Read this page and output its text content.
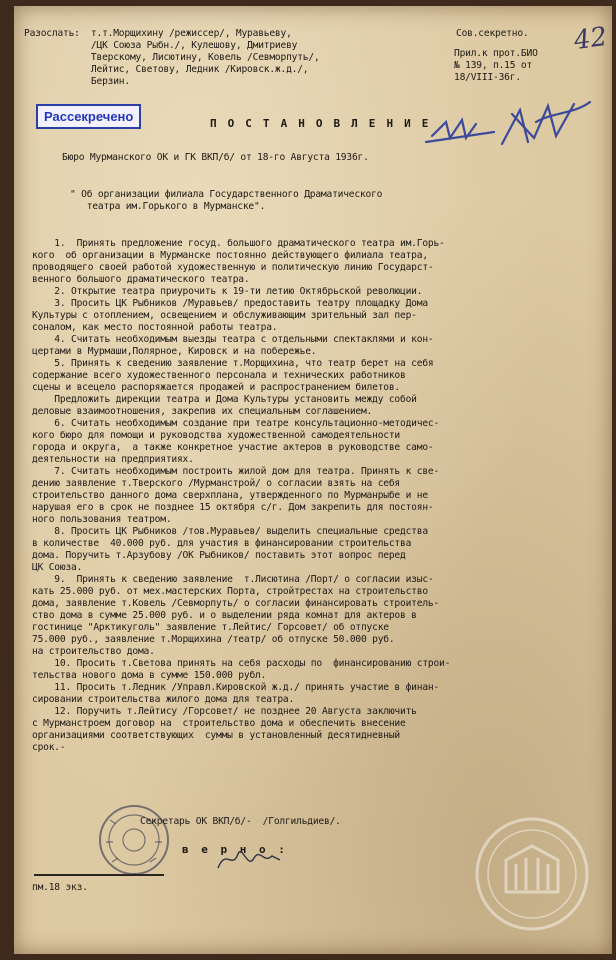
42
Разослать:  т.т.Морщихину /режиссер/, Муравьеву,
/ЦК Союза Рыбн./, Кулешову, Дмитриеву
Тверскому, Лисютину, Ковель /Севморпуть/,
Лейтис, Светову, Ледник /Кировск.ж.д./,
Берзин.
Сов.секретно.
Прил.к прот.БИО
№ 139, п.15 от
18/VIII-36г.
Рассекречено	П О С Т А Н О В Л Е Н И Е
Бюро Мурманского ОК и ГК ВКП/б/ от 18-го Августа 1936г.
" Об организации филиала Государственного Драматического
театра им.Горького в Мурманске".
1.  Принять предложение госуд. большого драматического театра им.Горь-
кого  об организации в Мурманске постоянно действующего филиала театра,
проводящего своей работой художественную и политическую линию Государст-
венного большого драматического театра.
2. Открытие театра приурочить к 19-ти летию Октябрьской революции.
3. Просить ЦК Рыбников /Муравьев/ предоставить театру площадку Дома
Культуры с отоплением, освещением и обслуживающим зрительный зал пер-
соналом, как место постоянной работы театра.
4. Считать необходимым выезды театра с отдельными спектаклями и кон-
цертами в Мурмаши,Полярное, Кировск и на побережье.
5. Принять к сведению заявление т.Морщихина, что театр берет на себя
содержание всего художественного персонала и технических работников
сцены и всецело распоряжается продажей и распространением билетов.
Предложить дирекции театра и Дома Культуры установить между собой
деловые взаимоотношения, закрепив их специальным соглашением.
6. Считать необходимым создание при театре консультационно-методичес-
кого бюро для помощи и руководства художественной самодеятельности
города и округа,  а также конкретное участие актеров в руководстве само-
деятельности на предприятиях.
7. Считать необходимым построить жилой дом для театра. Принять к све-
дению заявление т.Тверского /Мурманстрой/ о согласии взять на себя
строительство данного дома сверхплана, утвержденного по Мурманрыбе и не
нарушая его в срок не позднее 15 октября с/г. Дом закрепить для постоян-
ного пользования театром.
8. Просить ЦК Рыбников /тов.Муравьев/ выделить специальные средства
в количестве  40.000 руб. для участия в финансировании строительства
дома. Поручить т.Арзубову /ОК Рыбников/ поставить этот вопрос перед
ЦК Союза.
9.  Принять к сведению заявление  т.Лисютина /Порт/ о согласии изыс-
кать 25.000 руб. от мех.мастерских Порта, стройтрестах на строительство
дома, заявление т.Ковель /Севморпуть/ о согласии финансировать строитель-
ство дома в сумме 25.000 руб. и о выделении ряда комнат для актеров в
гостинице "Арктикуголь" заявление т.Лейтис/ Горсовет/ об отпуске
75.000 руб., заявление т.Морщихина /театр/ об отпуске 50.000 руб.
на строительство дома.
10. Просить т.Светова принять на себя расходы по  финансированию строи-
тельства нового дома в сумме 150.000 рубл.
11. Просить т.Ледник /Управл.Кировской ж.д./ принять участие в финан-
сировании строительства жилого дома для театра.
12. Поручить т.Лейтису /Горсовет/ не позднее 20 Августа заключить
с Мурманстроем договор на  строительство дома и обеспечить внесение
организациями соответствующих  суммы в установленный десятидневный
срок.-
Секретарь ОК ВКП/б/-  /Голгильдиев/.
в е р н о :
пм.18 экз.
